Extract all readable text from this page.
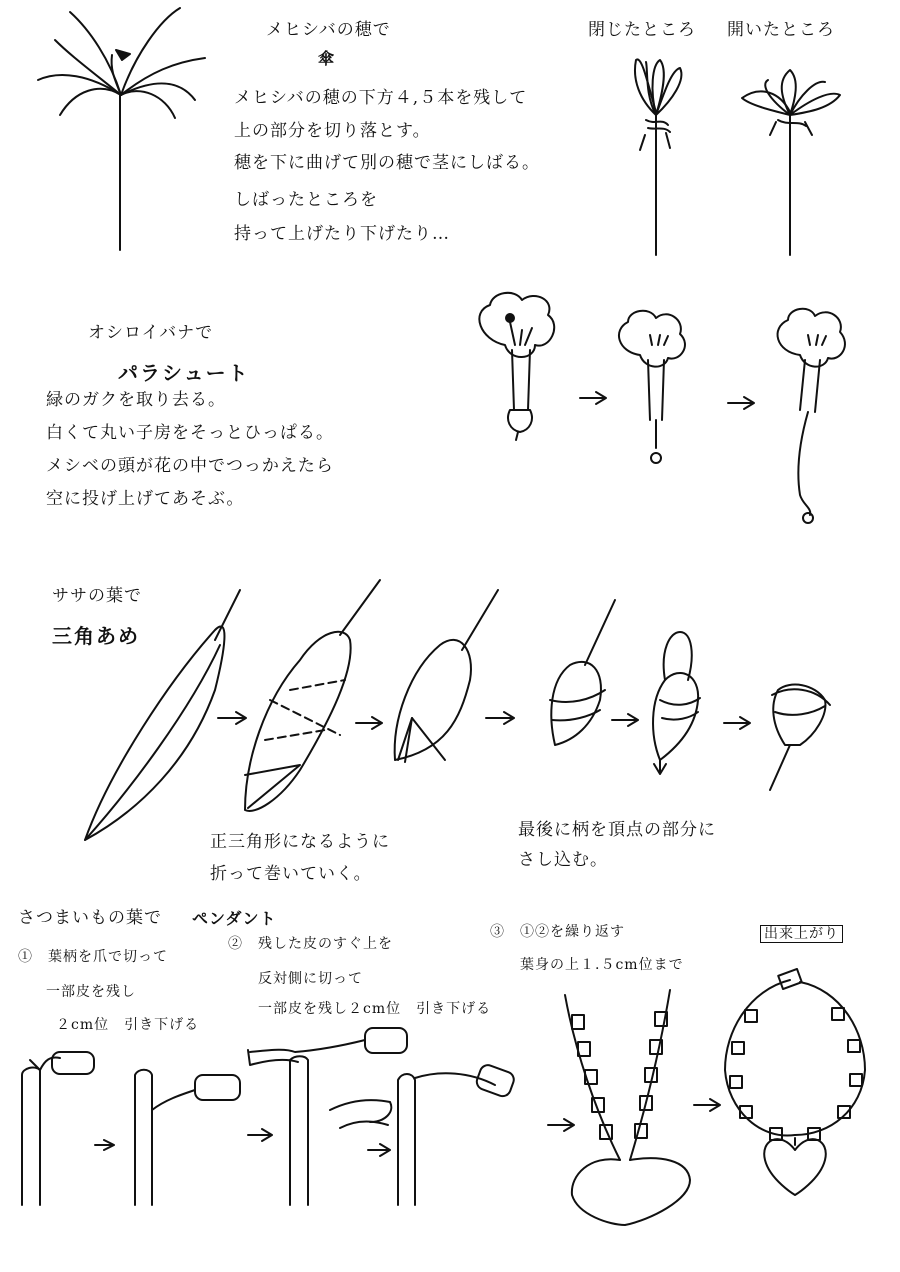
メヒシバの穂で
傘
メヒシバの穂の下方４,５本を残して
上の部分を切り落とす。
穂を下に曲げて別の穂で茎にしばる。
しばったところを
持って上げたり下げたり…
閉じたところ 開いたところ
オシロイバナで
パラシュート
緑のガクを取り去る。
白くて丸い子房をそっとひっぱる。
メシベの頭が花の中でつっかえたら
空に投げ上げてあそぶ。
ササの葉で
三角あめ
正三角形になるように
折って巻いていく。
最後に柄を頂点の部分に
さし込む。
さつまいもの葉で ペンダント
①　葉柄を爪で切って
一部皮を残し
２cm位　引き下げる
②　残した皮のすぐ上を
反対側に切って
一部皮を残し２cm位　引き下げる
③　①②を繰り返す
葉身の上１.５cm位まで
出来上がり
